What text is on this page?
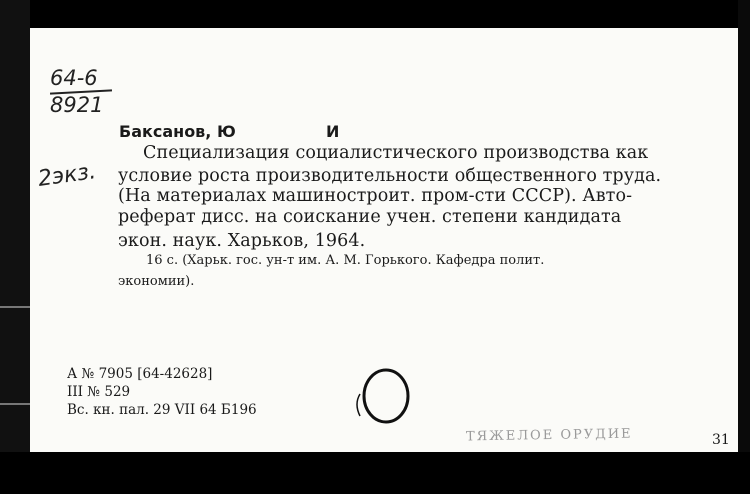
64-6
8921
2экз.
Баксанов, Ю	И
Специализация социалистического производства как
условие роста производительности общественного труда.
(На материалах машиностроит. пром-сти СССР). Авто-
реферат дисс. на соискание учен. степени кандидата
экон. наук. Харьков, 1964.
16 с. (Харьк. гос. ун-т им. А. М. Горького. Кафедра полит.
экономии).
А № 7905 [64-42628]
III № 529
Вс. кн. пал. 29 VII 64 Б196
ТЯЖЕЛОЕ ОРУДИЕ	31
